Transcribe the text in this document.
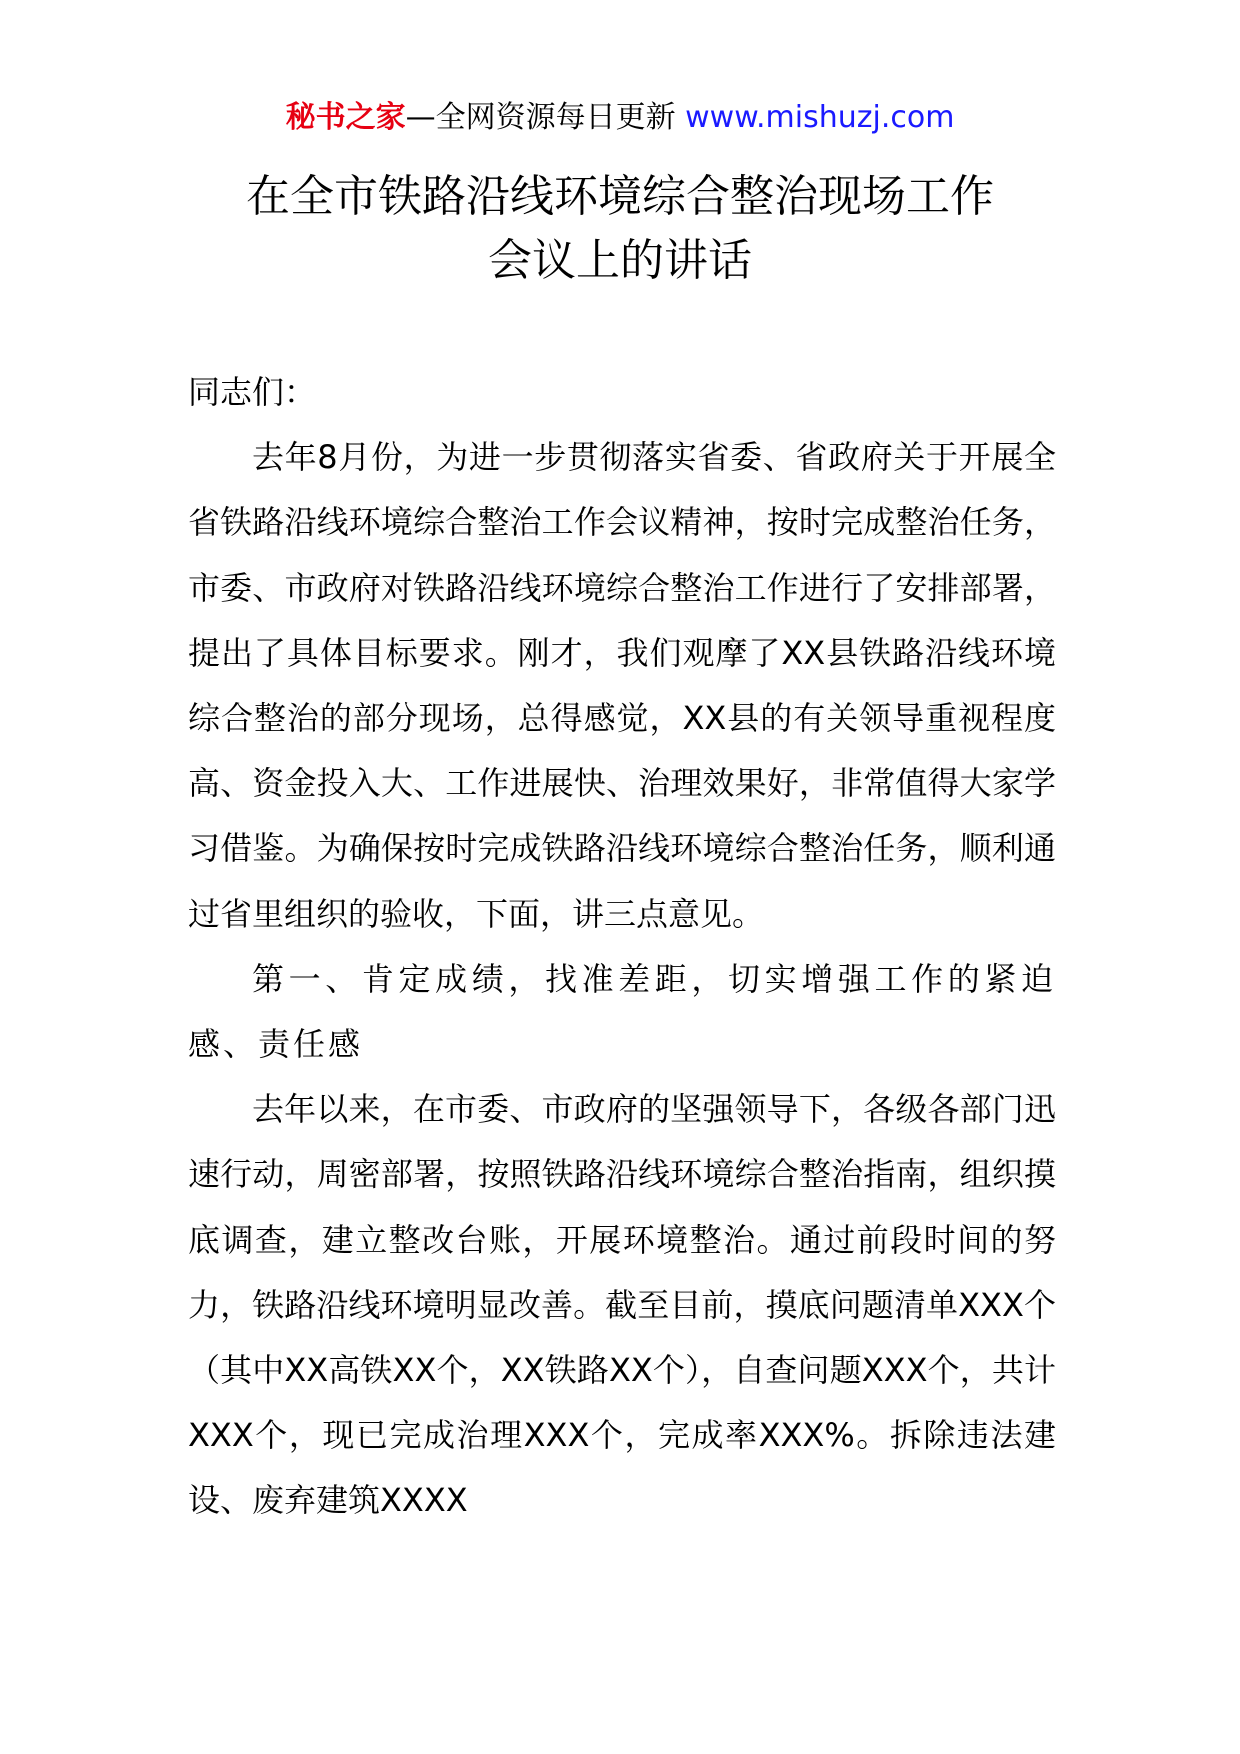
秘书之家—全网资源每日更新 www.mishuzj.com
在全市铁路沿线环境综合整治现场工作
会议上的讲话

同志们：

去年8月份，为进一步贯彻落实省委、省政府关于开展全省铁路沿线环境综合整治工作会议精神，按时完成整治任务，市委、市政府对铁路沿线环境综合整治工作进行了安排部署，提出了具体目标要求。刚才，我们观摩了XX县铁路沿线环境综合整治的部分现场，总得感觉，XX县的有关领导重视程度高、资金投入大、工作进展快、治理效果好，非常值得大家学习借鉴。为确保按时完成铁路沿线环境综合整治任务，顺利通过省里组织的验收，下面，讲三点意见。

第一、肯定成绩，找准差距，切实增强工作的紧迫感、责任感

去年以来，在市委、市政府的坚强领导下，各级各部门迅速行动，周密部署，按照铁路沿线环境综合整治指南，组织摸底调查，建立整改台账，开展环境整治。通过前段时间的努力，铁路沿线环境明显改善。截至目前，摸底问题清单XXX个（其中XX高铁XX个，XX铁路XX个），自查问题XXX个，共计XXX个，现已完成治理XXX个，完成率XXX%。拆除违法建设、废弃建筑XXXX
